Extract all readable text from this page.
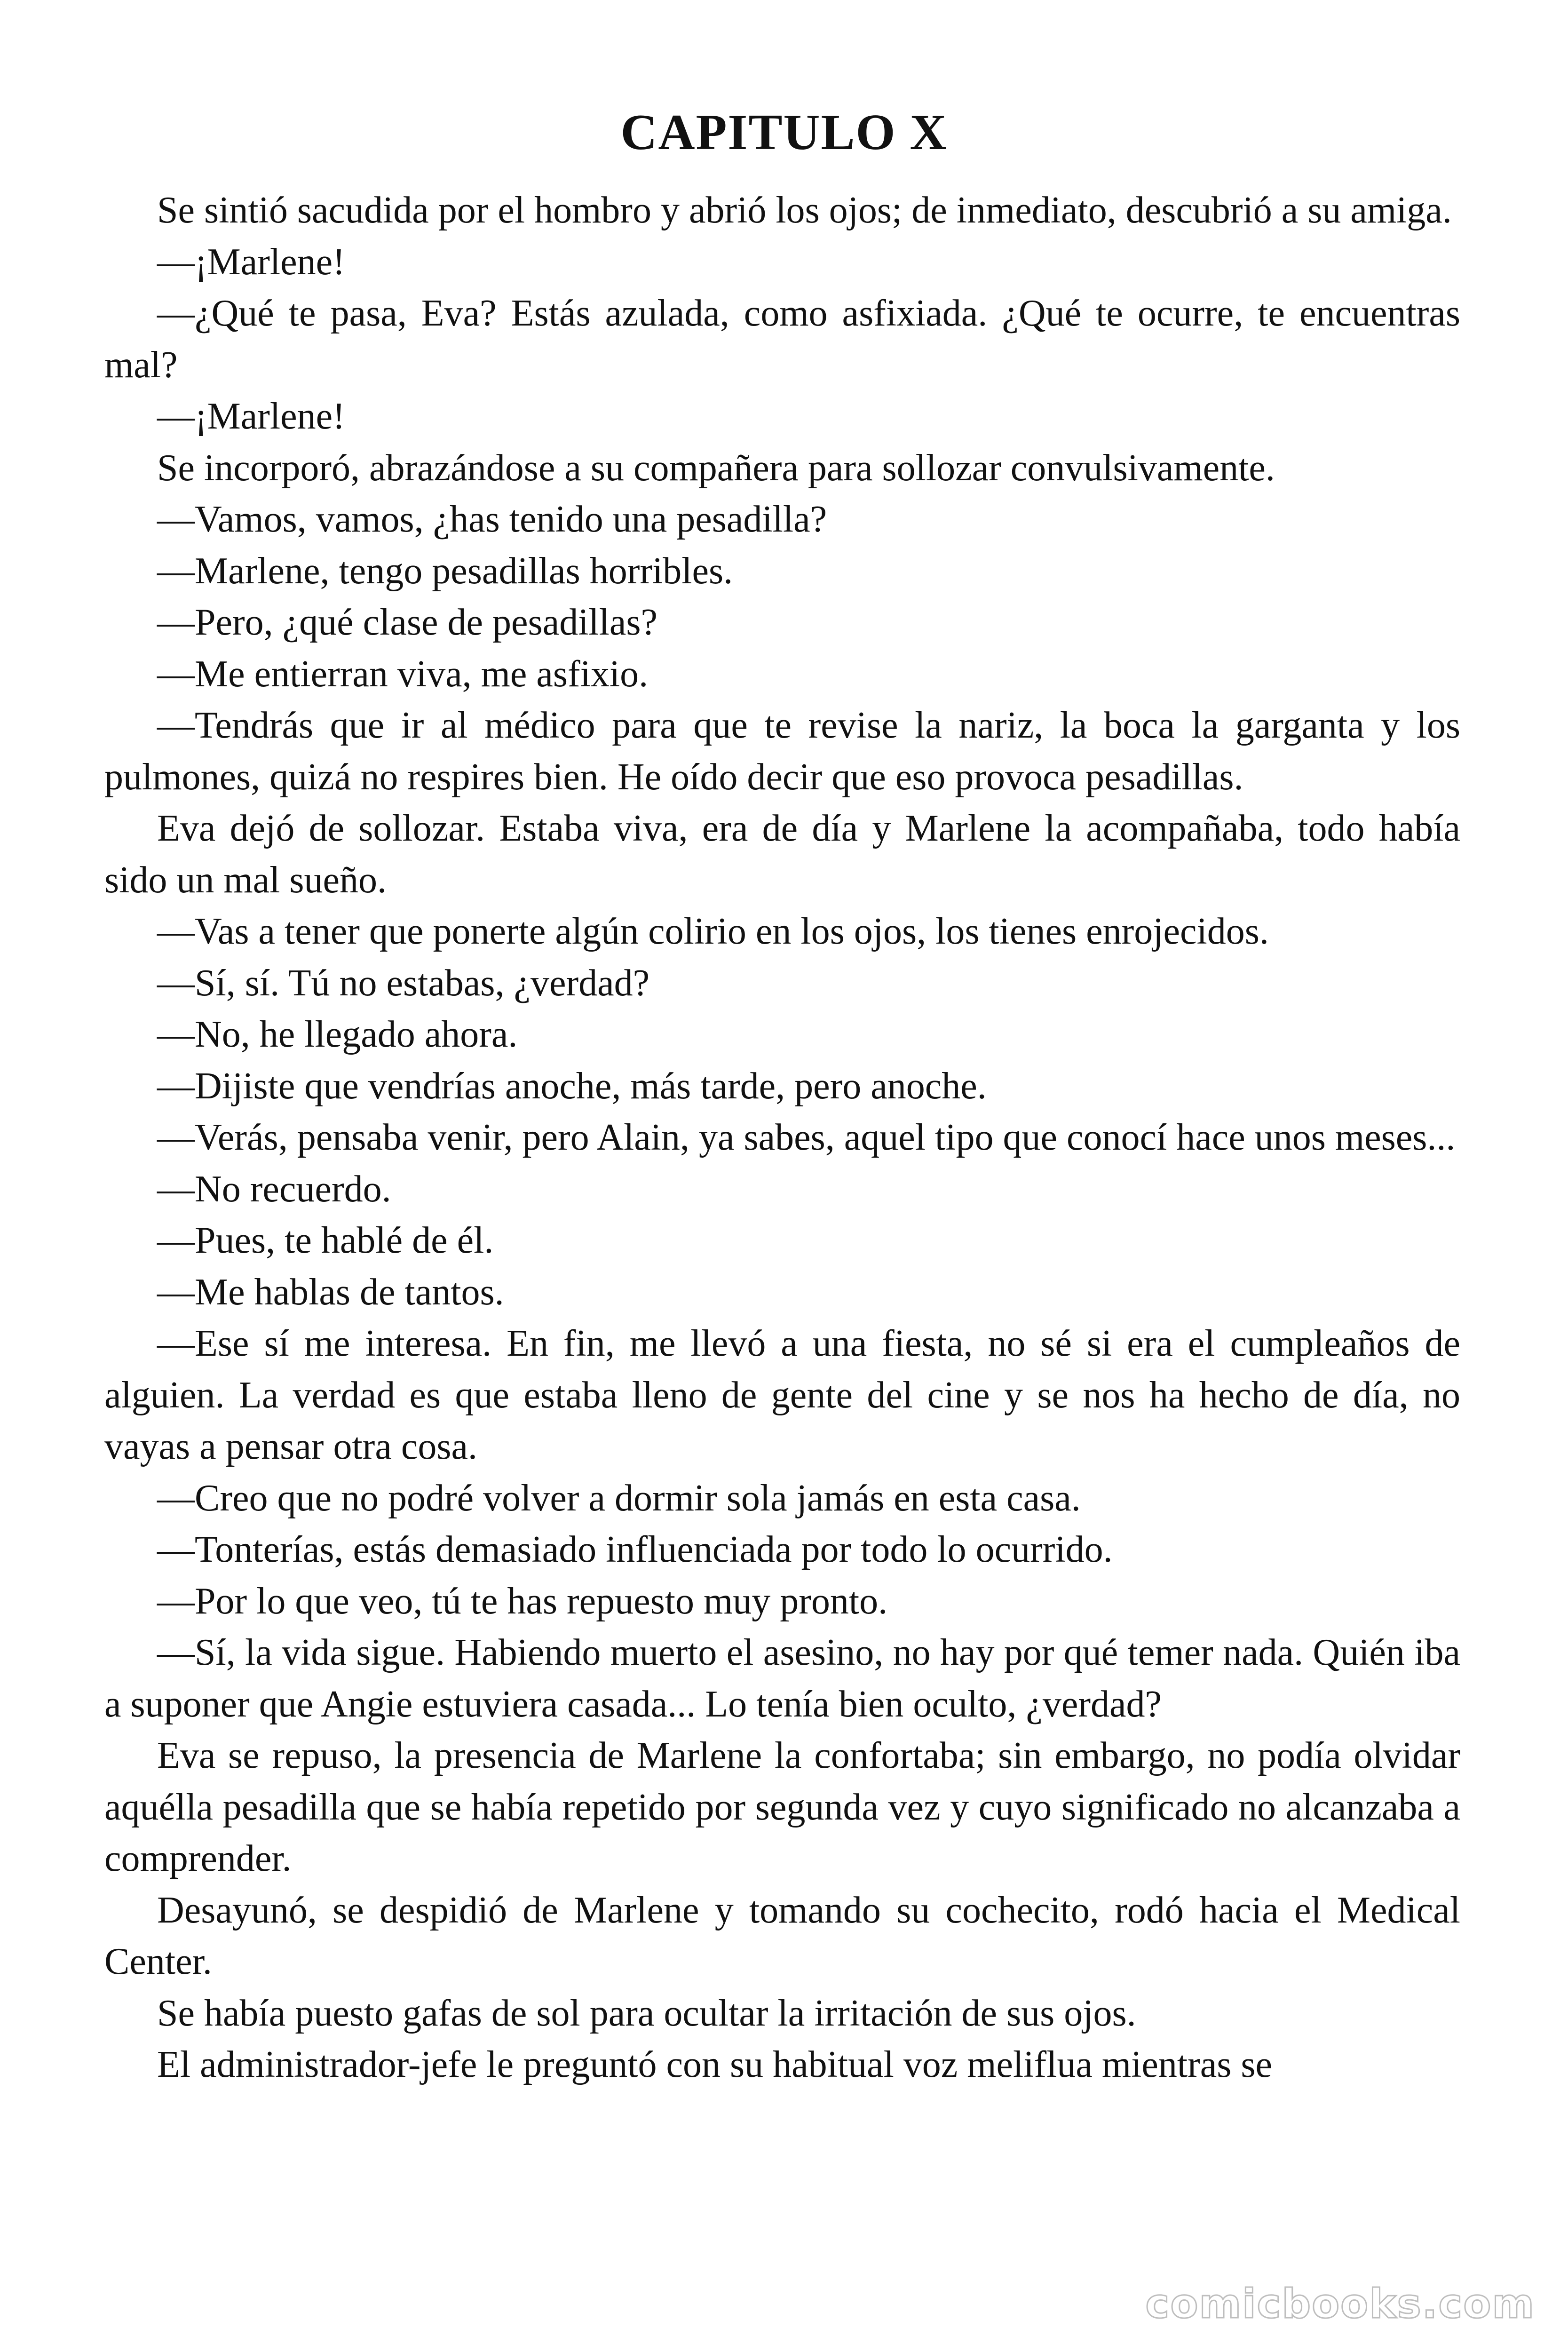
CAPITULO X

Se sintió sacudida por el hombro y abrió los ojos; de inmediato, descubrió a su amiga.

—¡Marlene!

—¿Qué te pasa, Eva? Estás azulada, como asfixiada. ¿Qué te ocurre, te encuentras mal?

—¡Marlene!

Se incorporó, abrazándose a su compañera para sollozar convulsivamente.

—Vamos, vamos, ¿has tenido una pesadilla?

—Marlene, tengo pesadillas horribles.

—Pero, ¿qué clase de pesadillas?

—Me entierran viva, me asfixio.

—Tendrás que ir al médico para que te revise la nariz, la boca la garganta y los pulmones, quizá no respires bien. He oído decir que eso provoca pesadillas.

Eva dejó de sollozar. Estaba viva, era de día y Marlene la acompañaba, todo había sido un mal sueño.

—Vas a tener que ponerte algún colirio en los ojos, los tienes enrojecidos.

—Sí, sí. Tú no estabas, ¿verdad?

—No, he llegado ahora.

—Dijiste que vendrías anoche, más tarde, pero anoche.

—Verás, pensaba venir, pero Alain, ya sabes, aquel tipo que conocí hace unos meses...

—No recuerdo.

—Pues, te hablé de él.

—Me hablas de tantos.

—Ese sí me interesa. En fin, me llevó a una fiesta, no sé si era el cumpleaños de alguien. La verdad es que estaba lleno de gente del cine y se nos ha hecho de día, no vayas a pensar otra cosa.

—Creo que no podré volver a dormir sola jamás en esta casa.

—Tonterías, estás demasiado influenciada por todo lo ocurrido.

—Por lo que veo, tú te has repuesto muy pronto.

—Sí, la vida sigue. Habiendo muerto el asesino, no hay por qué temer nada. Quién iba a suponer que Angie estuviera casada... Lo tenía bien oculto, ¿verdad?

Eva se repuso, la presencia de Marlene la confortaba; sin embargo, no podía olvidar aquélla pesadilla que se había repetido por segunda vez y cuyo significado no alcanzaba a comprender.

Desayunó, se despidió de Marlene y tomando su cochecito, rodó hacia el Medical Center.

Se había puesto gafas de sol para ocultar la irritación de sus ojos.

El administrador-jefe le preguntó con su habitual voz meliflua mientras se

comicbooks.com
